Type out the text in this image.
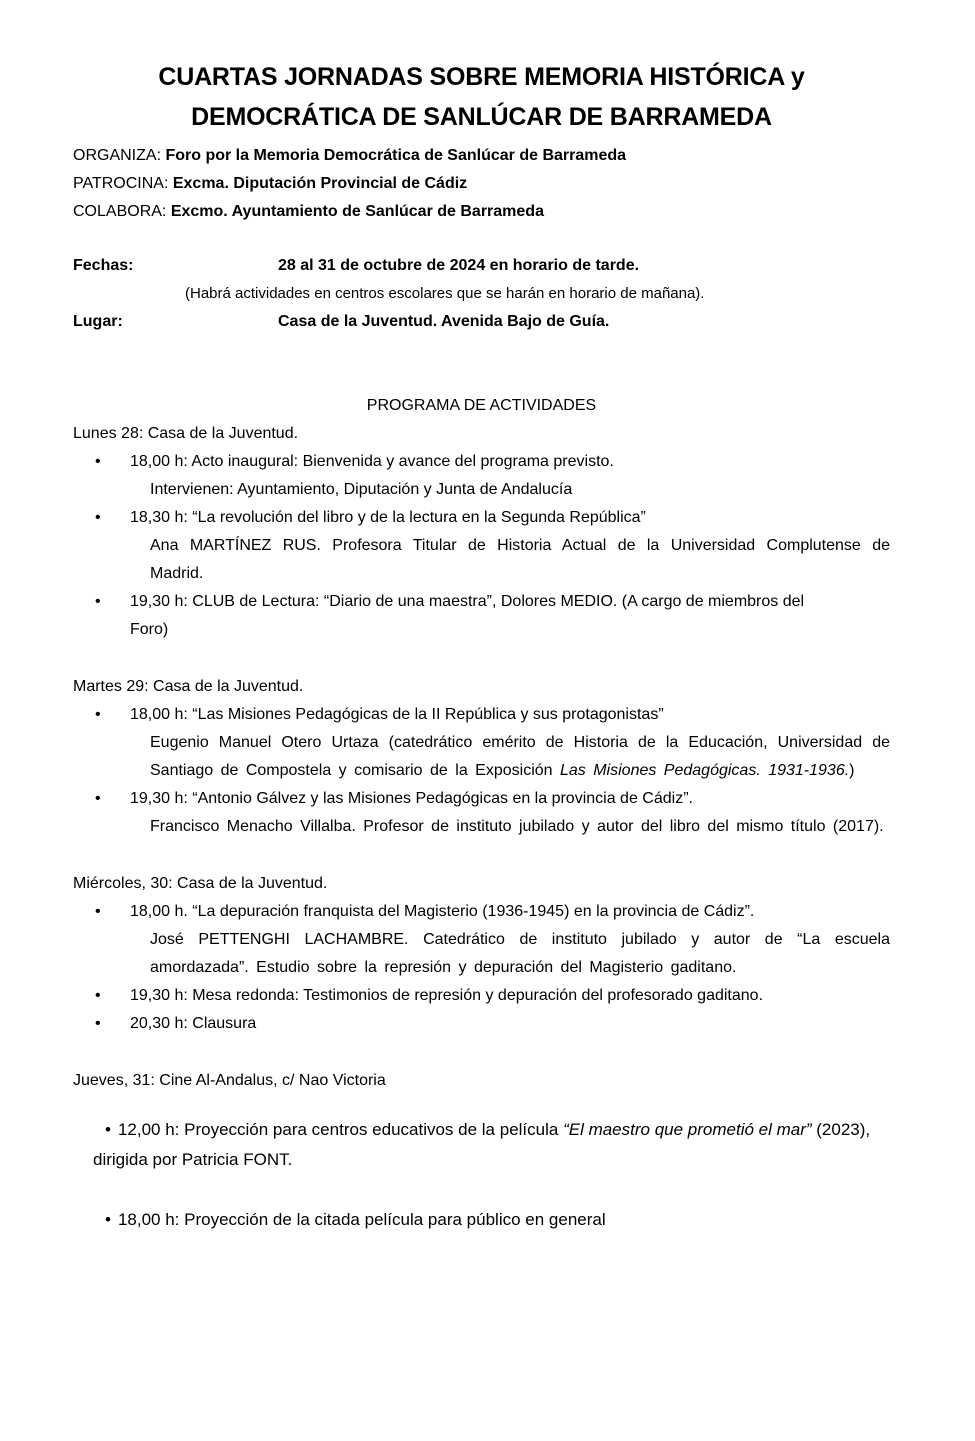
CUARTAS JORNADAS SOBRE MEMORIA HISTÓRICA y
DEMOCRÁTICA DE SANLÚCAR DE BARRAMEDA
ORGANIZA: Foro por la Memoria Democrática de Sanlúcar de Barrameda
PATROCINA: Excma. Diputación Provincial de Cádiz
COLABORA: Excmo. Ayuntamiento de Sanlúcar de Barrameda
Fechas:	28 al 31 de octubre de 2024 en horario de tarde.
(Habrá actividades en centros escolares que se harán en horario de mañana).
Lugar:	Casa de la Juventud. Avenida Bajo de Guía.
PROGRAMA DE ACTIVIDADES
Lunes 28: Casa de la Juventud.
• 18,00 h: Acto inaugural: Bienvenida y avance del programa previsto.
Intervienen: Ayuntamiento, Diputación y Junta de Andalucía
• 18,30 h: “La revolución del libro y de la lectura en la Segunda República”
Ana MARTÍNEZ RUS. Profesora Titular de Historia Actual de la Universidad Complutense de Madrid.
• 19,30 h: CLUB de Lectura: “Diario de una maestra”, Dolores MEDIO. (A cargo de miembros del Foro)
Martes 29: Casa de la Juventud.
• 18,00 h: “Las Misiones Pedagógicas de la II República y sus protagonistas”
Eugenio Manuel Otero Urtaza (catedrático emérito de Historia de la Educación, Universidad de Santiago de Compostela y comisario de la Exposición Las Misiones Pedagógicas. 1931-1936.)
• 19,30 h: “Antonio Gálvez y las Misiones Pedagógicas en la provincia de Cádiz”.
Francisco Menacho Villalba. Profesor de instituto jubilado y autor del libro del mismo título (2017).
Miércoles, 30: Casa de la Juventud.
• 18,00 h. “La depuración franquista del Magisterio (1936-1945) en la provincia de Cádiz”.
José PETTENGHI LACHAMBRE. Catedrático de instituto jubilado y autor de “La escuela amordazada”. Estudio sobre la represión y depuración del Magisterio gaditano.
• 19,30 h: Mesa redonda: Testimonios de represión y depuración del profesorado gaditano.
• 20,30 h: Clausura
Jueves, 31: Cine Al-Andalus, c/ Nao Victoria
• 12,00 h: Proyección para centros educativos de la película “El maestro que prometió el mar” (2023), dirigida por Patricia FONT.
• 18,00 h: Proyección de la citada película para público en general
